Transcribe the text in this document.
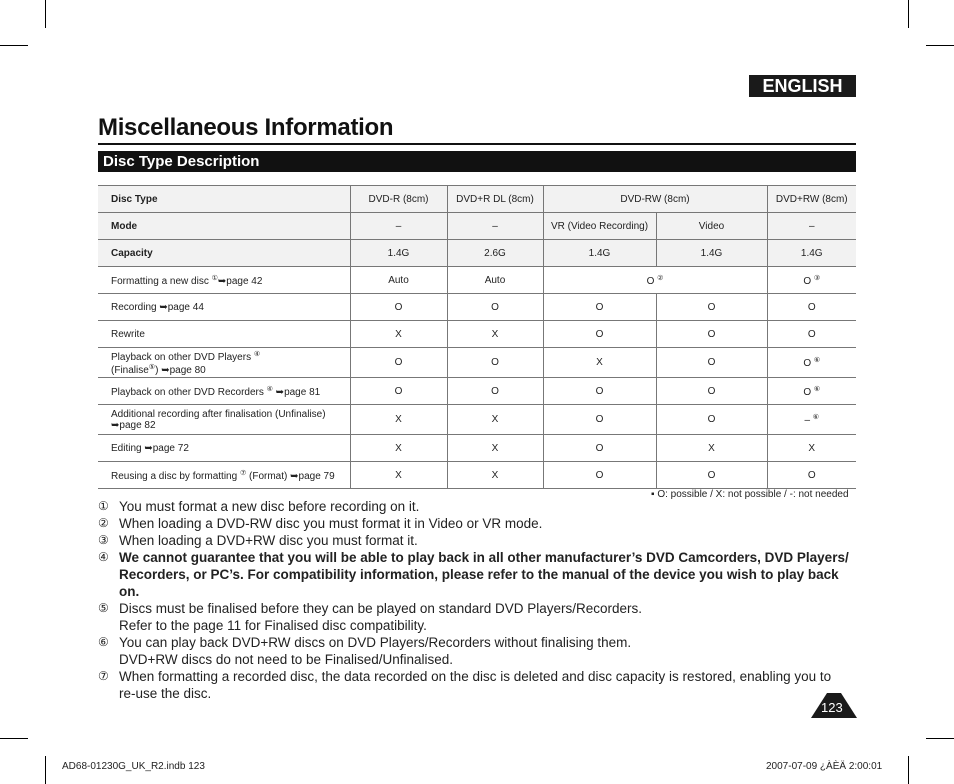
ENGLISH
Miscellaneous Information
Disc Type Description
Disc Type	DVD-R (8cm)	DVD+R DL (8cm)	DVD-RW (8cm)		DVD+RW (8cm)
Mode	–	–	VR (Video Recording)	Video	–
Capacity	1.4G	2.6G	1.4G	1.4G	1.4G
Formatting a new disc ①➥page 42	Auto	Auto	O ②		O ③
Recording ➥page 44	O	O	O	O	O
Rewrite	X	X	O	O	O

Playback on other DVD Players ④
(Finalise⑤) ➥page 80	O	O	X	O	O ⑥
Playback on other DVD Recorders ④ ➥page 81	O	O	O	O	O ⑥

Additional recording after finalisation (Unfinalise)
➥page 82	X	X	O	O	– ⑥
Editing ➥page 72	X	X	O	X	X
Reusing a disc by formatting ⑦ (Format) ➥page 79	X	X	O	O	O
▪ O: possible / X: not possible / -: not needed
① You must format a new disc before recording on it.
② When loading a DVD-RW disc you must format it in Video or VR mode.
③ When loading a DVD+RW disc you must format it.
④ We cannot guarantee that you will be able to play back in all other manufacturer’s DVD Camcorders, DVD Players/
Recorders, or PC’s. For compatibility information, please refer to the manual of the device you wish to play back on.
⑤ Discs must be finalised before they can be played on standard DVD Players/Recorders.
Refer to the page 11 for Finalised disc compatibility.
⑥ You can play back DVD+RW discs on DVD Players/Recorders without finalising them.
DVD+RW discs do not need to be Finalised/Unfinalised.
⑦ When formatting a recorded disc, the data recorded on the disc is deleted and disc capacity is restored, enabling you to
re-use the disc.
123
AD68-01230G_UK_R2.indb 123	2007-07-09 ¿ÀÈÄ 2:00:01
